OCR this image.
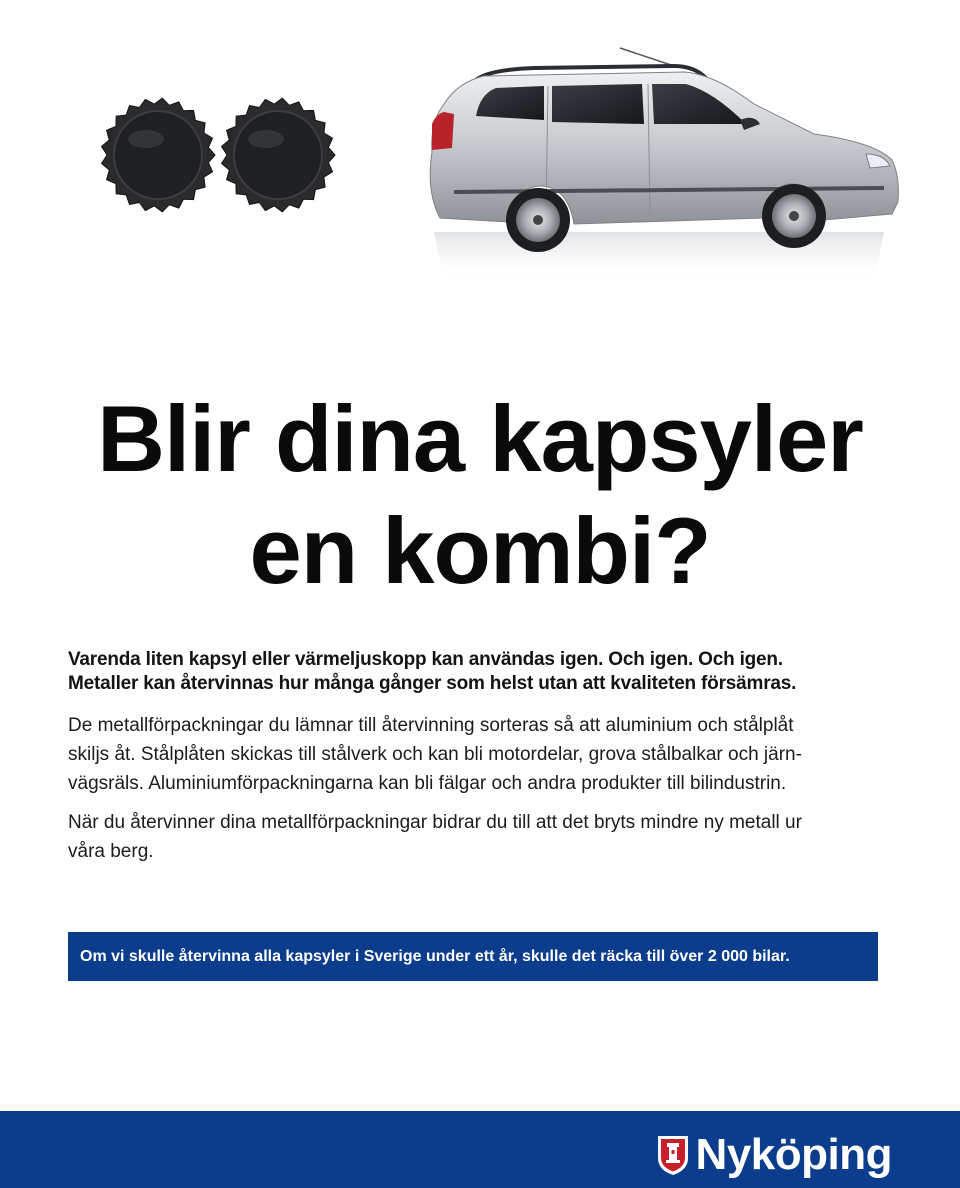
Blir dina kapsyler
en kombi?

Varenda liten kapsyl eller värmeljuskopp kan användas igen. Och igen. Och igen.
Metaller kan återvinnas hur många gånger som helst utan att kvaliteten försämras.

De metallförpackningar du lämnar till återvinning sorteras så att aluminium och stålplåt
skiljs åt. Stålplåten skickas till stålverk och kan bli motordelar, grova stålbalkar och järn-
vägsräls. Aluminiumförpackningarna kan bli fälgar och andra produkter till bilindustrin.

När du återvinner dina metallförpackningar bidrar du till att det bryts mindre ny metall ur
våra berg.

Om vi skulle återvinna alla kapsyler i Sverige under ett år, skulle det räcka till över 2 000 bilar.
Nyköping
